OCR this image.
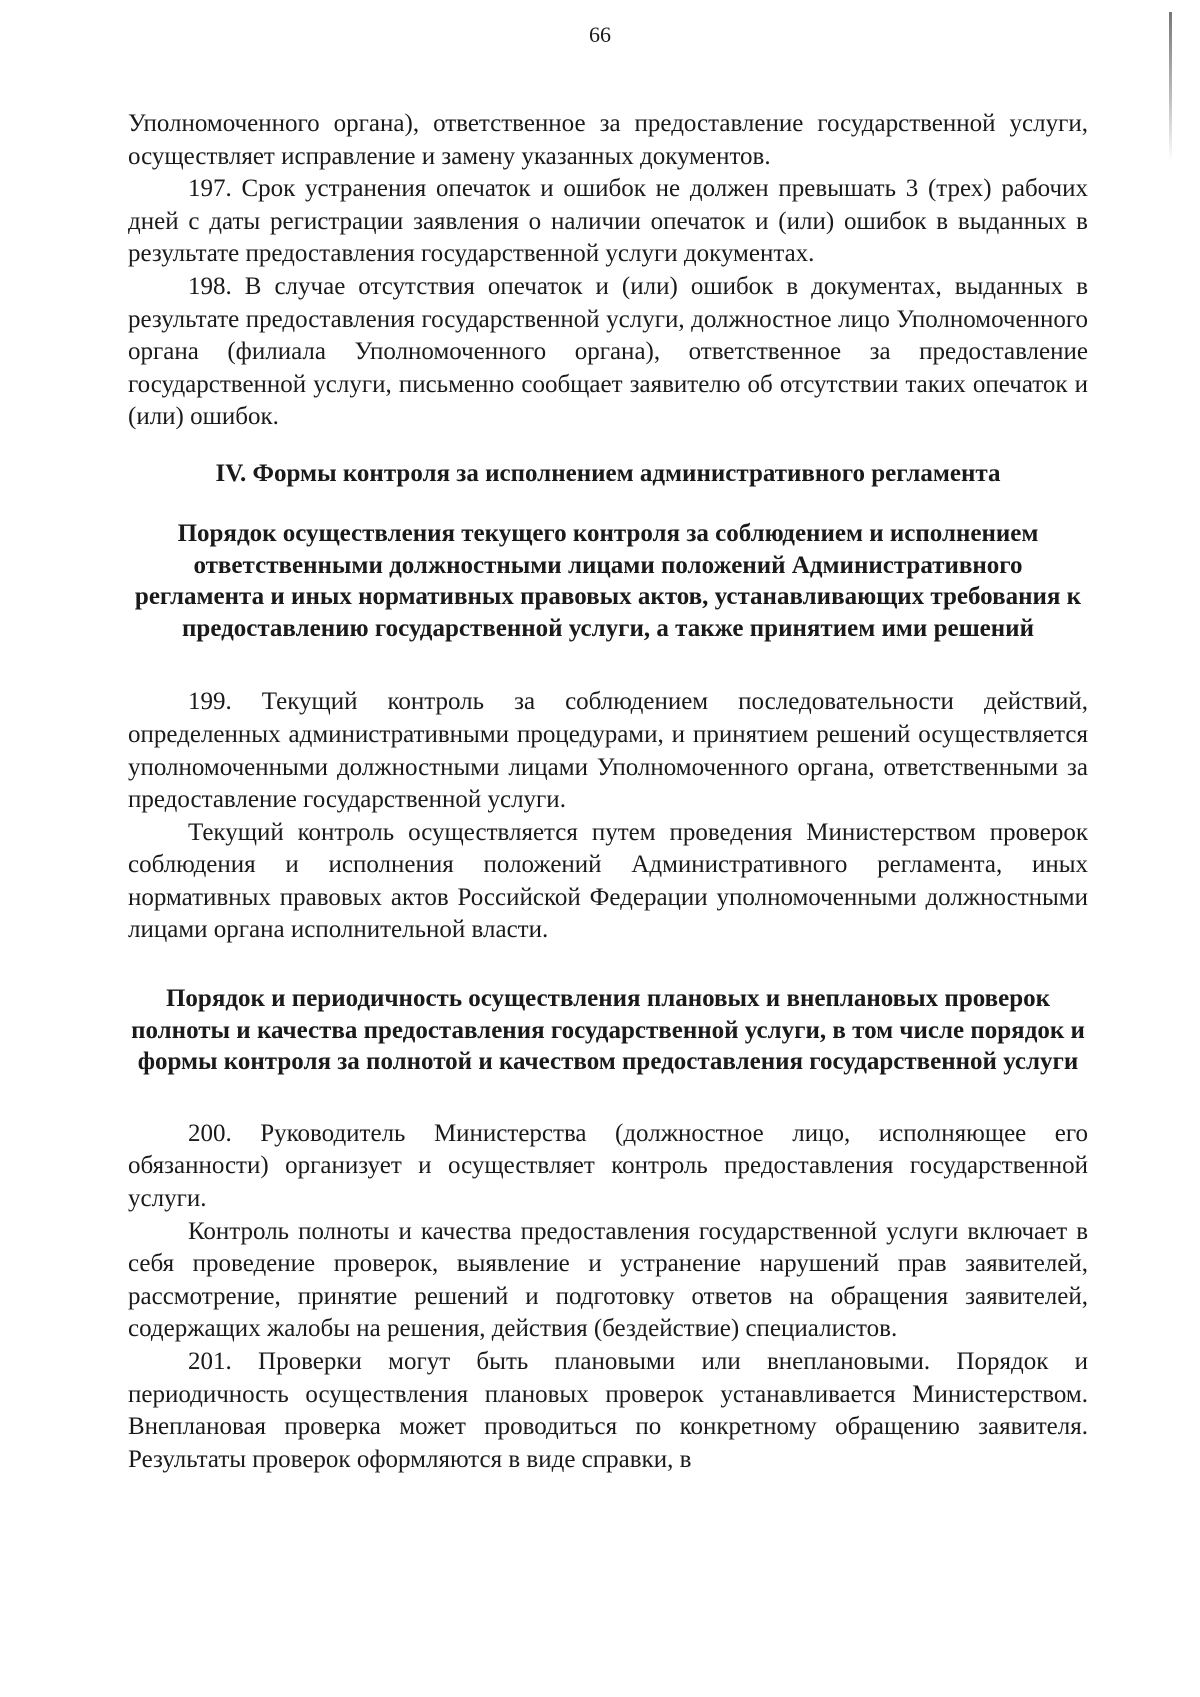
66

Уполномоченного органа), ответственное за предоставление государственной услуги, осуществляет исправление и замену указанных документов.

197. Срок устранения опечаток и ошибок не должен превышать 3 (трех) рабочих дней с даты регистрации заявления о наличии опечаток и (или) ошибок в выданных в результате предоставления государственной услуги документах.

198. В случае отсутствия опечаток и (или) ошибок в документах, выданных в результате предоставления государственной услуги, должностное лицо Уполномоченного органа (филиала Уполномоченного органа), ответственное за предоставление государственной услуги, письменно сообщает заявителю об отсутствии таких опечаток и (или) ошибок.

IV. Формы контроля за исполнением административного регламента
Порядок осуществления текущего контроля за соблюдением и исполнением ответственными должностными лицами положений Административного регламента и иных нормативных правовых актов, устанавливающих требования к предоставлению государственной услуги, а также принятием ими решений

199. Текущий контроль за соблюдением последовательности действий, определенных административными процедурами, и принятием решений осуществляется уполномоченными должностными лицами Уполномоченного органа, ответственными за предоставление государственной услуги.

Текущий контроль осуществляется путем проведения Министерством проверок соблюдения и исполнения положений Административного регламента, иных нормативных правовых актов Российской Федерации уполномоченными должностными лицами органа исполнительной власти.

Порядок и периодичность осуществления плановых и внеплановых проверок полноты и качества предоставления государственной услуги, в том числе порядок и формы контроля за полнотой и качеством предоставления государственной услуги

200. Руководитель Министерства (должностное лицо, исполняющее его обязанности) организует и осуществляет контроль предоставления государственной услуги.

Контроль полноты и качества предоставления государственной услуги включает в себя проведение проверок, выявление и устранение нарушений прав заявителей, рассмотрение, принятие решений и подготовку ответов на обращения заявителей, содержащих жалобы на решения, действия (бездействие) специалистов.

201. Проверки могут быть плановыми или внеплановыми. Порядок и периодичность осуществления плановых проверок устанавливается Министерством. Внеплановая проверка может проводиться по конкретному обращению заявителя. Результаты проверок оформляются в виде справки, в
